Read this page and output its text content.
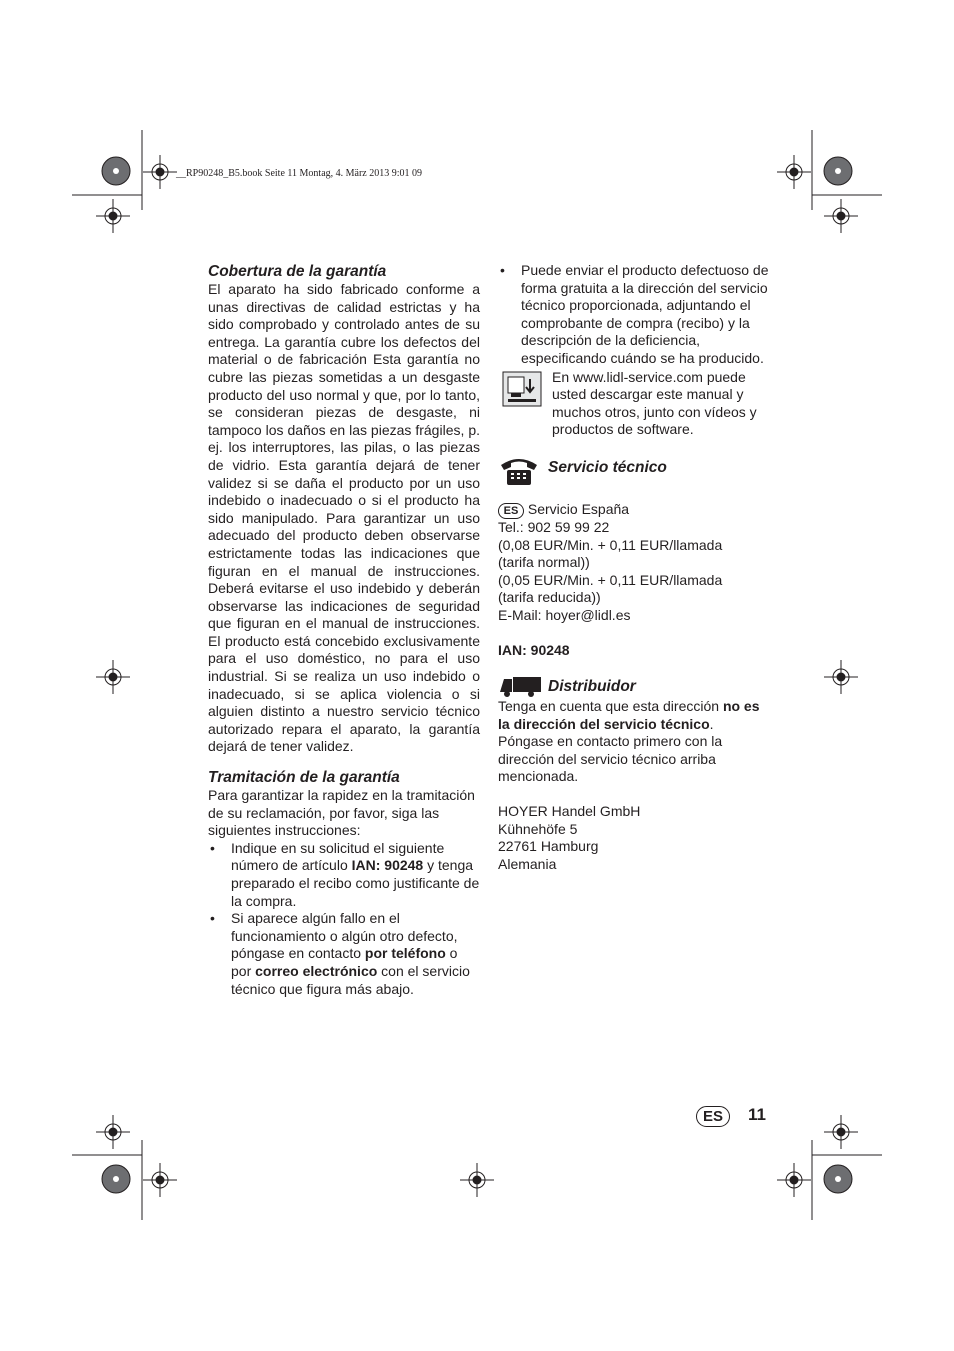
__RP90248_B5.book Seite 11 Montag, 4. März 2013 9:01 09
Cobertura de la garantía

El aparato ha sido fabricado conforme a unas directivas de calidad estrictas y ha sido comprobado y controlado antes de su entrega. La garantía cubre los defectos del material o de fabricación Esta garantía no cubre las piezas sometidas a un desgaste producto del uso normal y que, por lo tanto, se consideran piezas de desgaste, ni tampoco los daños en las piezas frágiles, p. ej. los interruptores, las pilas, o las piezas de vidrio. Esta garantía dejará de tener validez si se daña el producto por un uso indebido o inadecuado o si el producto ha sido manipulado. Para garantizar un uso adecuado del producto deben observarse estrictamente todas las indicaciones que figuran en el manual de instrucciones. Deberá evitarse el uso indebido y deberán observarse las indicaciones de seguridad que figuran en el manual de instrucciones. El producto está concebido exclusivamente para el uso doméstico, no para el uso industrial. Si se realiza un uso indebido o inadecuado, si se aplica violencia o si alguien distinto a nuestro servicio técnico autorizado repara el aparato, la garantía dejará de tener validez.

Tramitación de la garantía

Para garantizar la rapidez en la tramitación de su reclamación, por favor, siga las siguientes instrucciones:

• Indique en su solicitud el siguiente número de artículo IAN: 90248 y tenga preparado el recibo como justificante de la compra.
• Si aparece algún fallo en el funcionamiento o algún otro defecto, póngase en contacto por teléfono o por correo electrónico con el servicio técnico que figura más abajo.
• Puede enviar el producto defectuoso de forma gratuita a la dirección del servicio técnico proporcionada, adjuntando el comprobante de compra (recibo) y la descripción de la deficiencia, especificando cuándo se ha producido.
En www.lidl-service.com puede usted descargar este manual y muchos otros, junto con vídeos y productos de software.
Servicio técnico
ES Servicio España

Tel.: 902 59 99 22
(0,08 EUR/Min. + 0,11 EUR/llamada
(tarifa normal))
(0,05 EUR/Min. + 0,11 EUR/llamada
(tarifa reducida))
E-Mail: hoyer@lidl.es

IAN: 90248

Distribuidor

Tenga en cuenta que esta dirección no es la dirección del servicio técnico. Póngase en contacto primero con la dirección del servicio técnico arriba mencionada.

HOYER Handel GmbH
Kühnehöfe 5
22761 Hamburg
Alemania

ES	11
